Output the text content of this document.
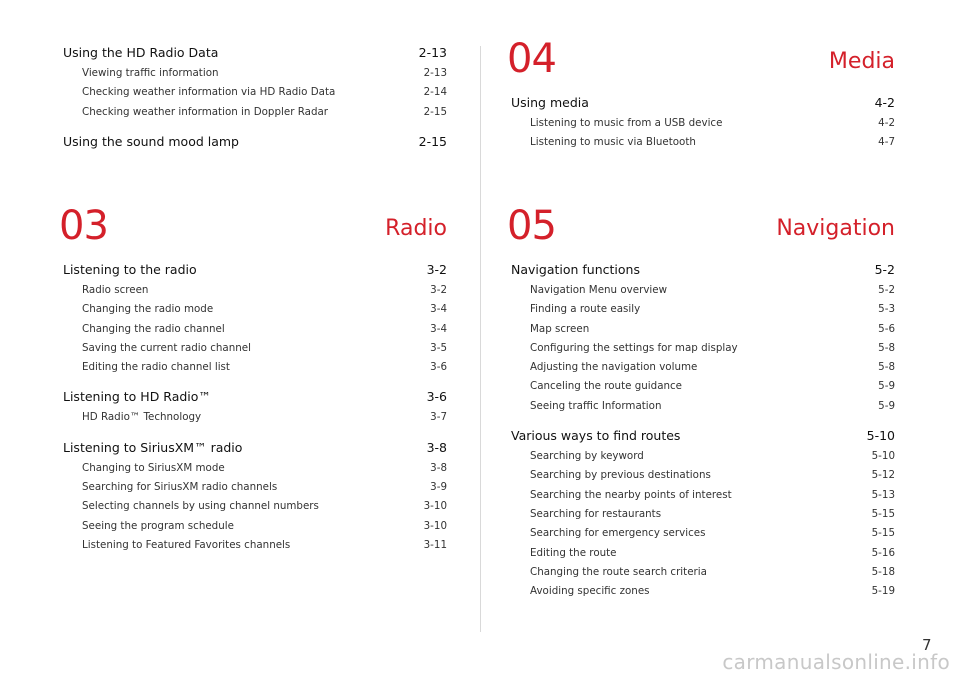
Using the HD Radio Data	2-13
Viewing traffic information	2-13
Checking weather information via HD Radio Data	2-14
Checking weather information in Doppler Radar	2-15
Using the sound mood lamp	2-15
03	Radio
Listening to the radio	3-2
Radio screen	3-2
Changing the radio mode	3-4
Changing the radio channel	3-4
Saving the current radio channel	3-5
Editing the radio channel list	3-6
Listening to HD Radio™	3-6
HD Radio™ Technology	3-7
Listening to SiriusXM™ radio	3-8
Changing to SiriusXM mode	3-8
Searching for SiriusXM radio channels	3-9
Selecting channels by using channel numbers	3-10
Seeing the program schedule	3-10
Listening to Featured Favorites channels	3-11
04	Media
Using media	4-2
Listening to music from a USB device	4-2
Listening to music via Bluetooth	4-7
05	Navigation
Navigation functions	5-2
Navigation Menu overview	5-2
Finding a route easily	5-3
Map screen	5-6
Configuring the settings for map display	5-8
Adjusting the navigation volume	5-8
Canceling the route guidance	5-9
Seeing traffic Information	5-9
Various ways to find routes	5-10
Searching by keyword	5-10
Searching by previous destinations	5-12
Searching the nearby points of interest	5-13
Searching for restaurants	5-15
Searching for emergency services	5-15
Editing the route	5-16
Changing the route search criteria	5-18
Avoiding specific zones	5-19
7
carmanualsonline.info
